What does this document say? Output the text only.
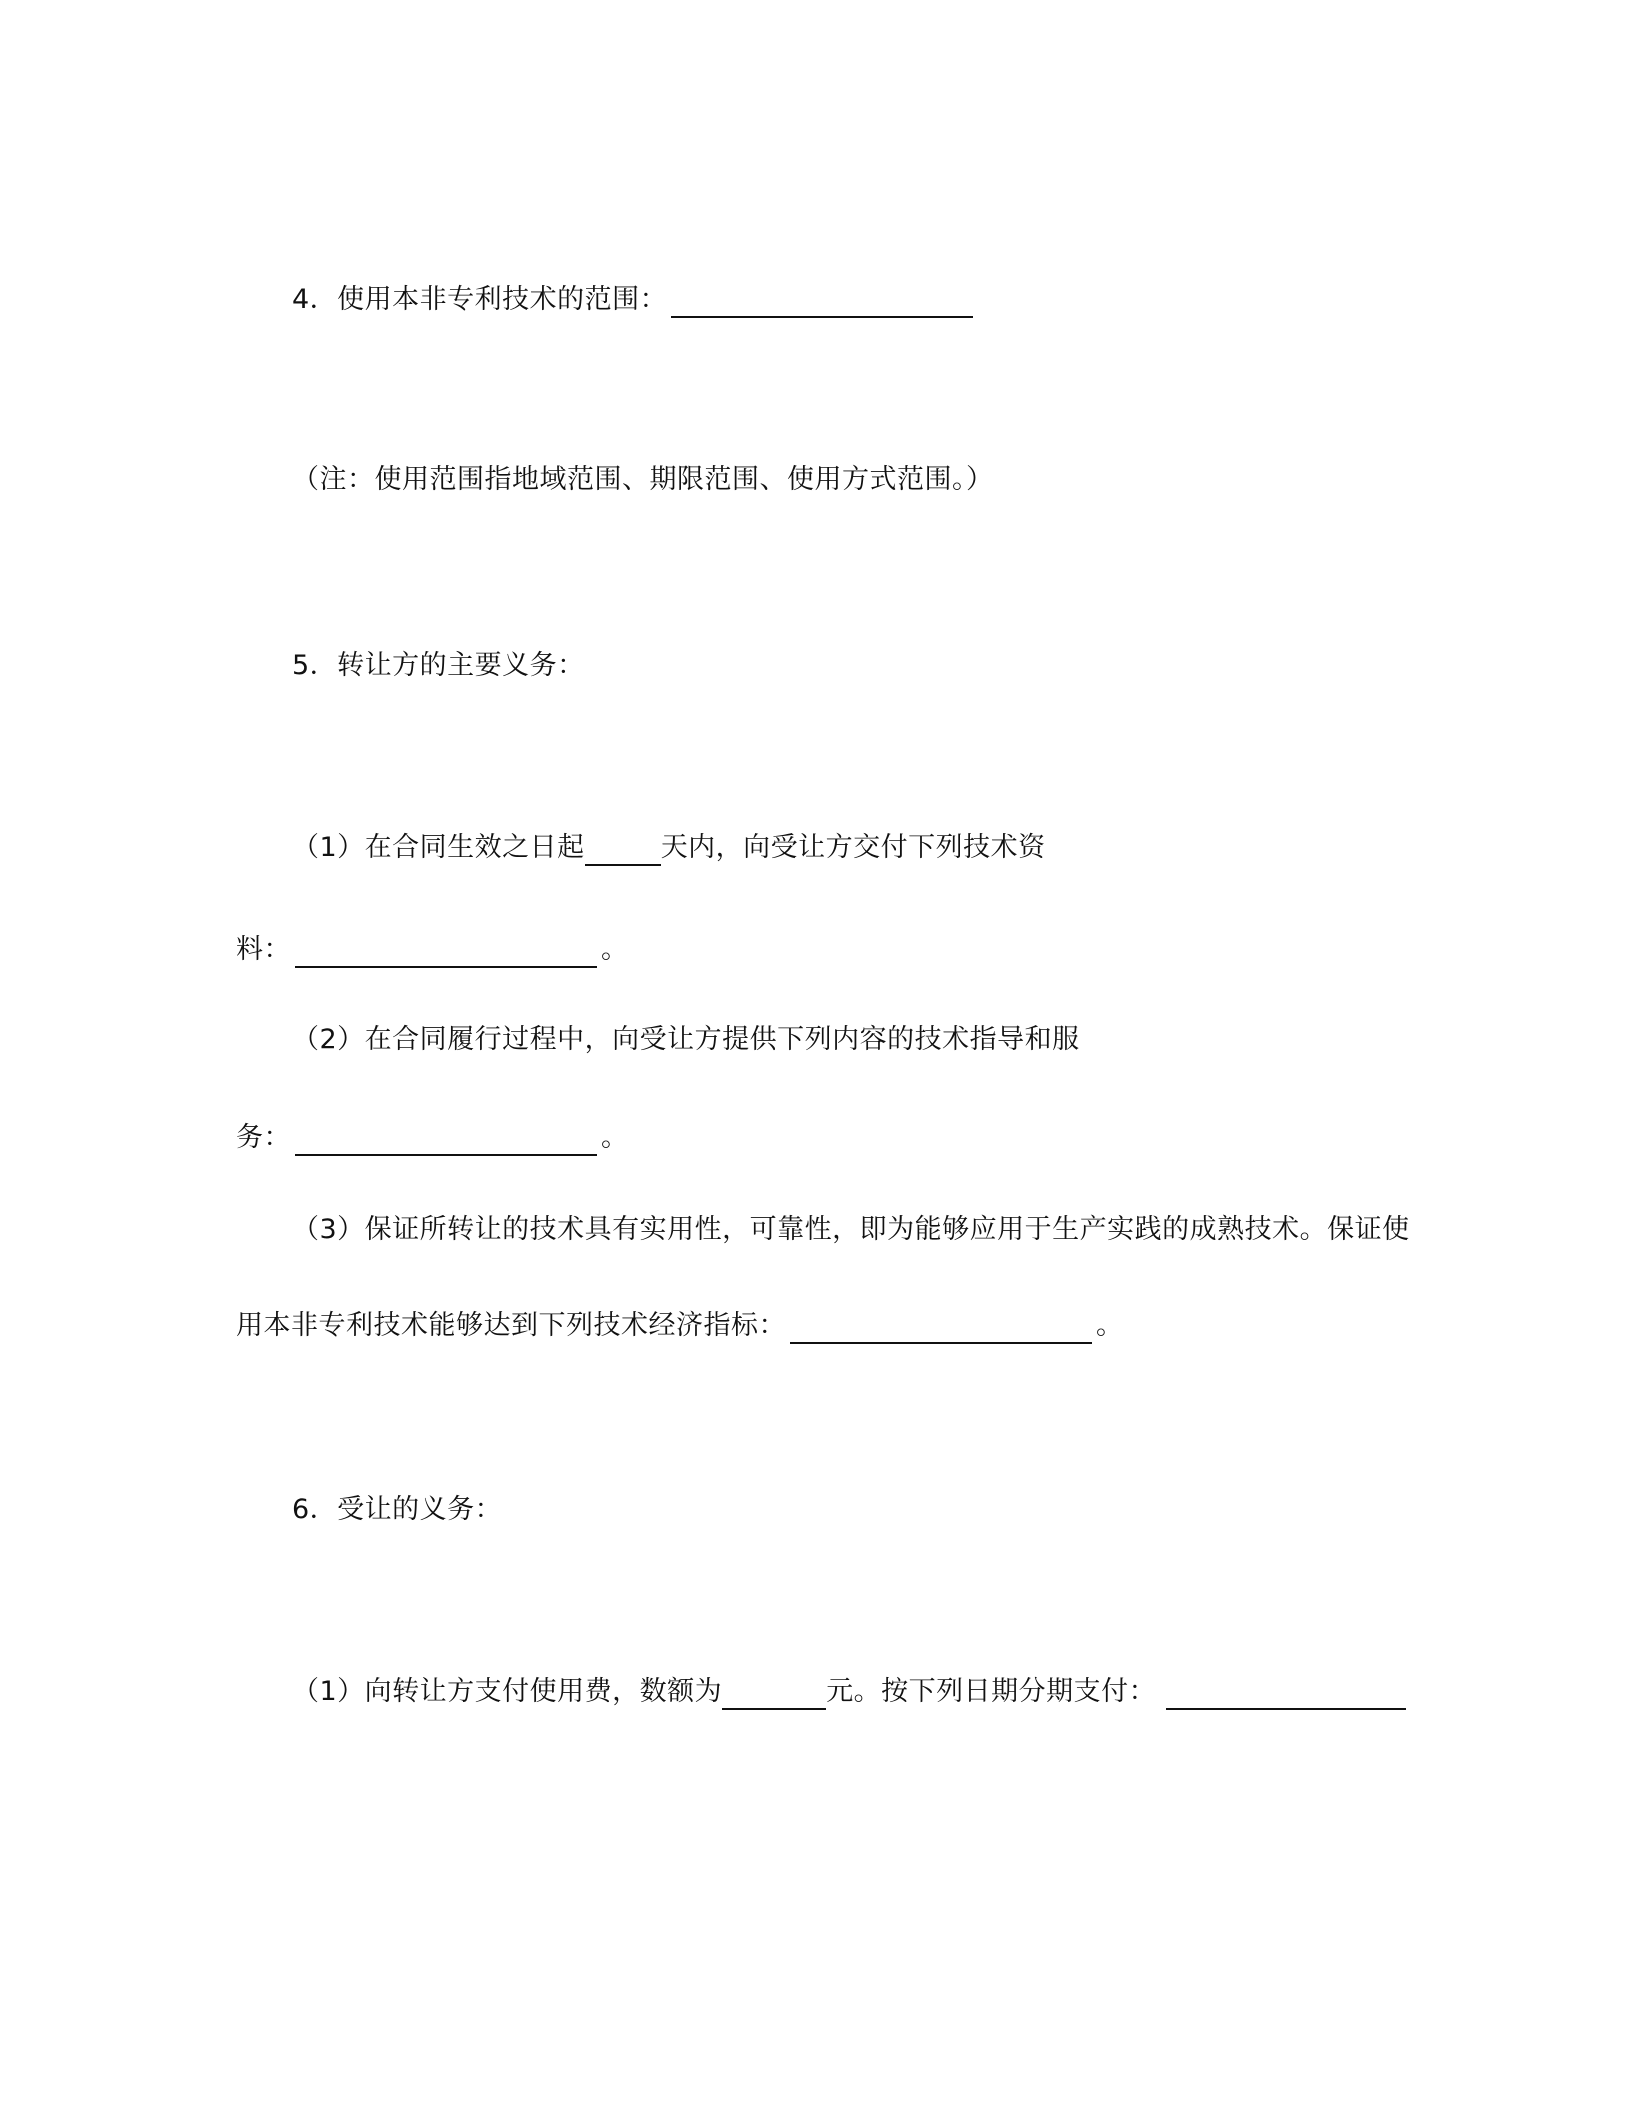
4．使用本非专利技术的范围：
（注：使用范围指地域范围、期限范围、使用方式范围。）
5．转让方的主要义务：
（1）在合同生效之日起	天内，向受让方交付下列技术资
料：	。
（2）在合同履行过程中，向受让方提供下列内容的技术指导和服
务：	。
（3）保证所转让的技术具有实用性，可靠性，即为能够应用于生产实践的成熟技术。保证使
用本非专利技术能够达到下列技术经济指标：	。
6．受让的义务：
（1）向转让方支付使用费，数额为	元。按下列日期分期支付：
